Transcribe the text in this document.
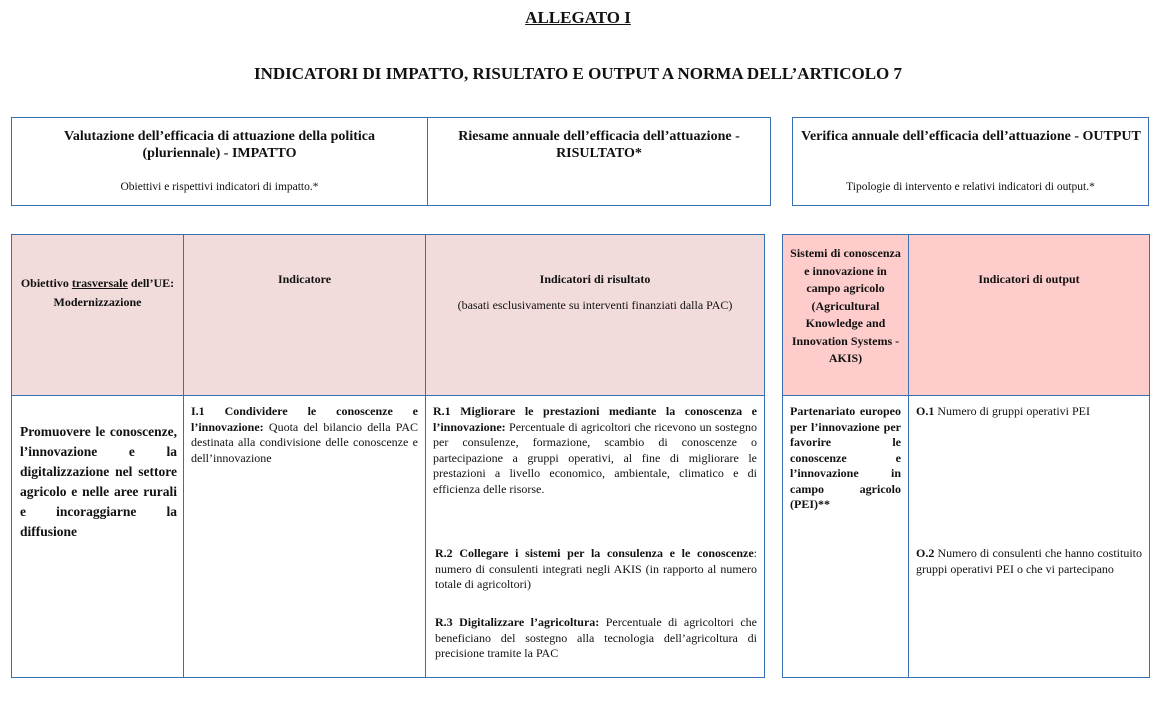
ALLEGATO I
INDICATORI DI IMPATTO, RISULTATO E OUTPUT A NORMA DELL’ARTICOLO 7
Valutazione dell’efficacia di attuazione della politica (pluriennale) - IMPATTO
Obiettivi e rispettivi indicatori di impatto.*
Riesame annuale dell’efficacia dell’attuazione - RISULTATO*
Verifica annuale dell’efficacia dell’attuazione - OUTPUT
Tipologie di intervento e relativi indicatori di output.*
Obiettivo trasversale dell’UE: Modernizzazione
Indicatore	Indicatori di risultato
(basati esclusivamente su interventi finanziati dalla PAC)
Promuovere le conoscenze, l’innovazione e la digitalizzazione nel settore agricolo e nelle aree rurali e incoraggiarne la diffusione
I.1 Condividere le conoscenze e l’innovazione: Quota del bilancio della PAC destinata alla condivisione delle conoscenze e dell’innovazione
R.1 Migliorare le prestazioni mediante la conoscenza e l’innovazione: Percentuale di agricoltori che ricevono un sostegno per consulenze, formazione, scambio di conoscenze o partecipazione a gruppi operativi, al fine di migliorare le prestazioni a livello economico, ambientale, climatico e di efficienza delle risorse.
R.2 Collegare i sistemi per la consulenza e le conoscenze: numero di consulenti integrati negli AKIS (in rapporto al numero totale di agricoltori)
R.3 Digitalizzare l’agricoltura: Percentuale di agricoltori che beneficiano del sostegno alla tecnologia dell’agricoltura di precisione tramite la PAC
Sistemi di conoscenza e innovazione in campo agricolo (Agricultural Knowledge and Innovation Systems - AKIS)
Indicatori di output
Partenariato europeo per l’innovazione per favorire le conoscenze e l’innovazione in campo agricolo (PEI)**
O.1 Numero di gruppi operativi PEI
O.2 Numero di consulenti che hanno costituito gruppi operativi PEI o che vi partecipano
